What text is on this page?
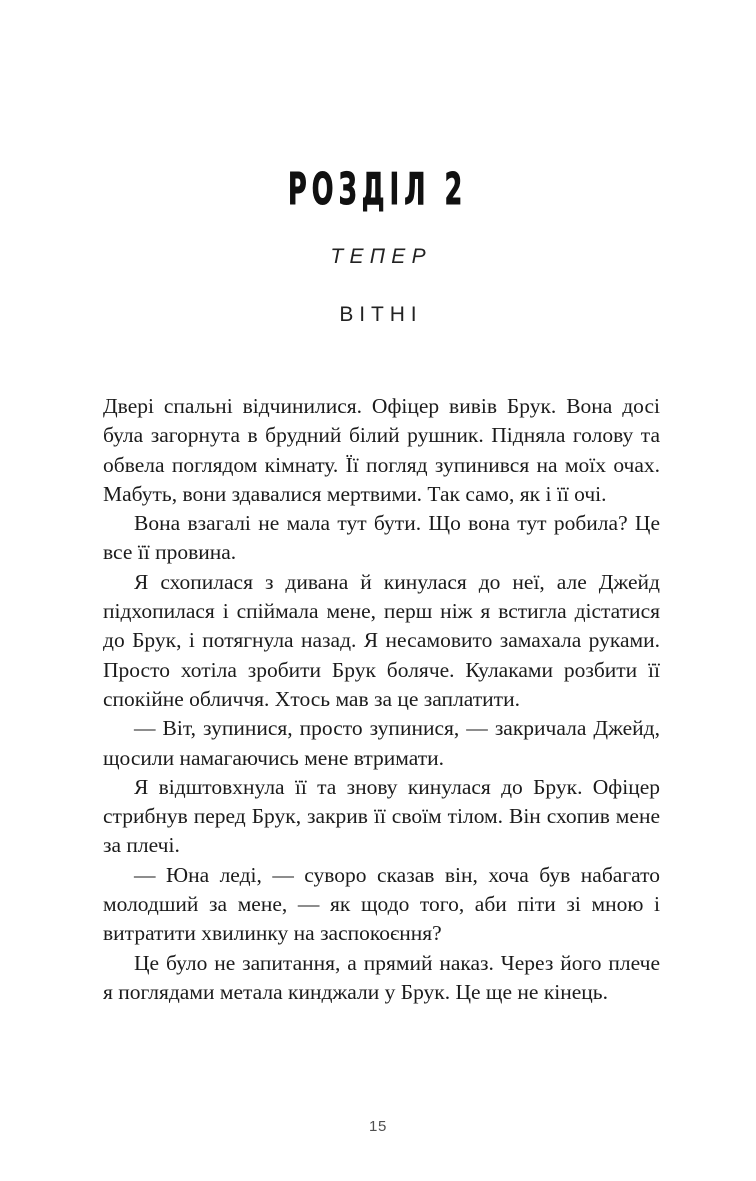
РОЗДІЛ 2
ТЕПЕР
ВІТНІ

Двері спальні відчинилися. Офіцер вивів Брук. Вона досі була загорнута в брудний білий рушник. Підняла голову та обвела поглядом кімнату. Її погляд зупинився на моїх очах. Мабуть, вони здавалися мертвими. Так само, як і її очі.

Вона взагалі не мала тут бути. Що вона тут робила? Це все її провина.

Я схопилася з дивана й кинулася до неї, але Джейд підхопилася і спіймала мене, перш ніж я встигла дістатися до Брук, і потягнула назад. Я несамовито замахала руками. Просто хотіла зробити Брук боляче. Кулаками розбити її спокійне обличчя. Хтось мав за це заплатити.

— Віт, зупинися, просто зупинися, — закричала Джейд, щосили намагаючись мене втримати.

Я відштовхнула її та знову кинулася до Брук. Офіцер стрибнув перед Брук, закрив її своїм тілом. Він схопив мене за плечі.

— Юна леді, — суворо сказав він, хоча був набагато молодший за мене, — як щодо того, аби піти зі мною і витратити хвилинку на заспокоєння?

Це було не запитання, а прямий наказ. Через його плече я поглядами метала кинджали у Брук. Це ще не кінець.

15
